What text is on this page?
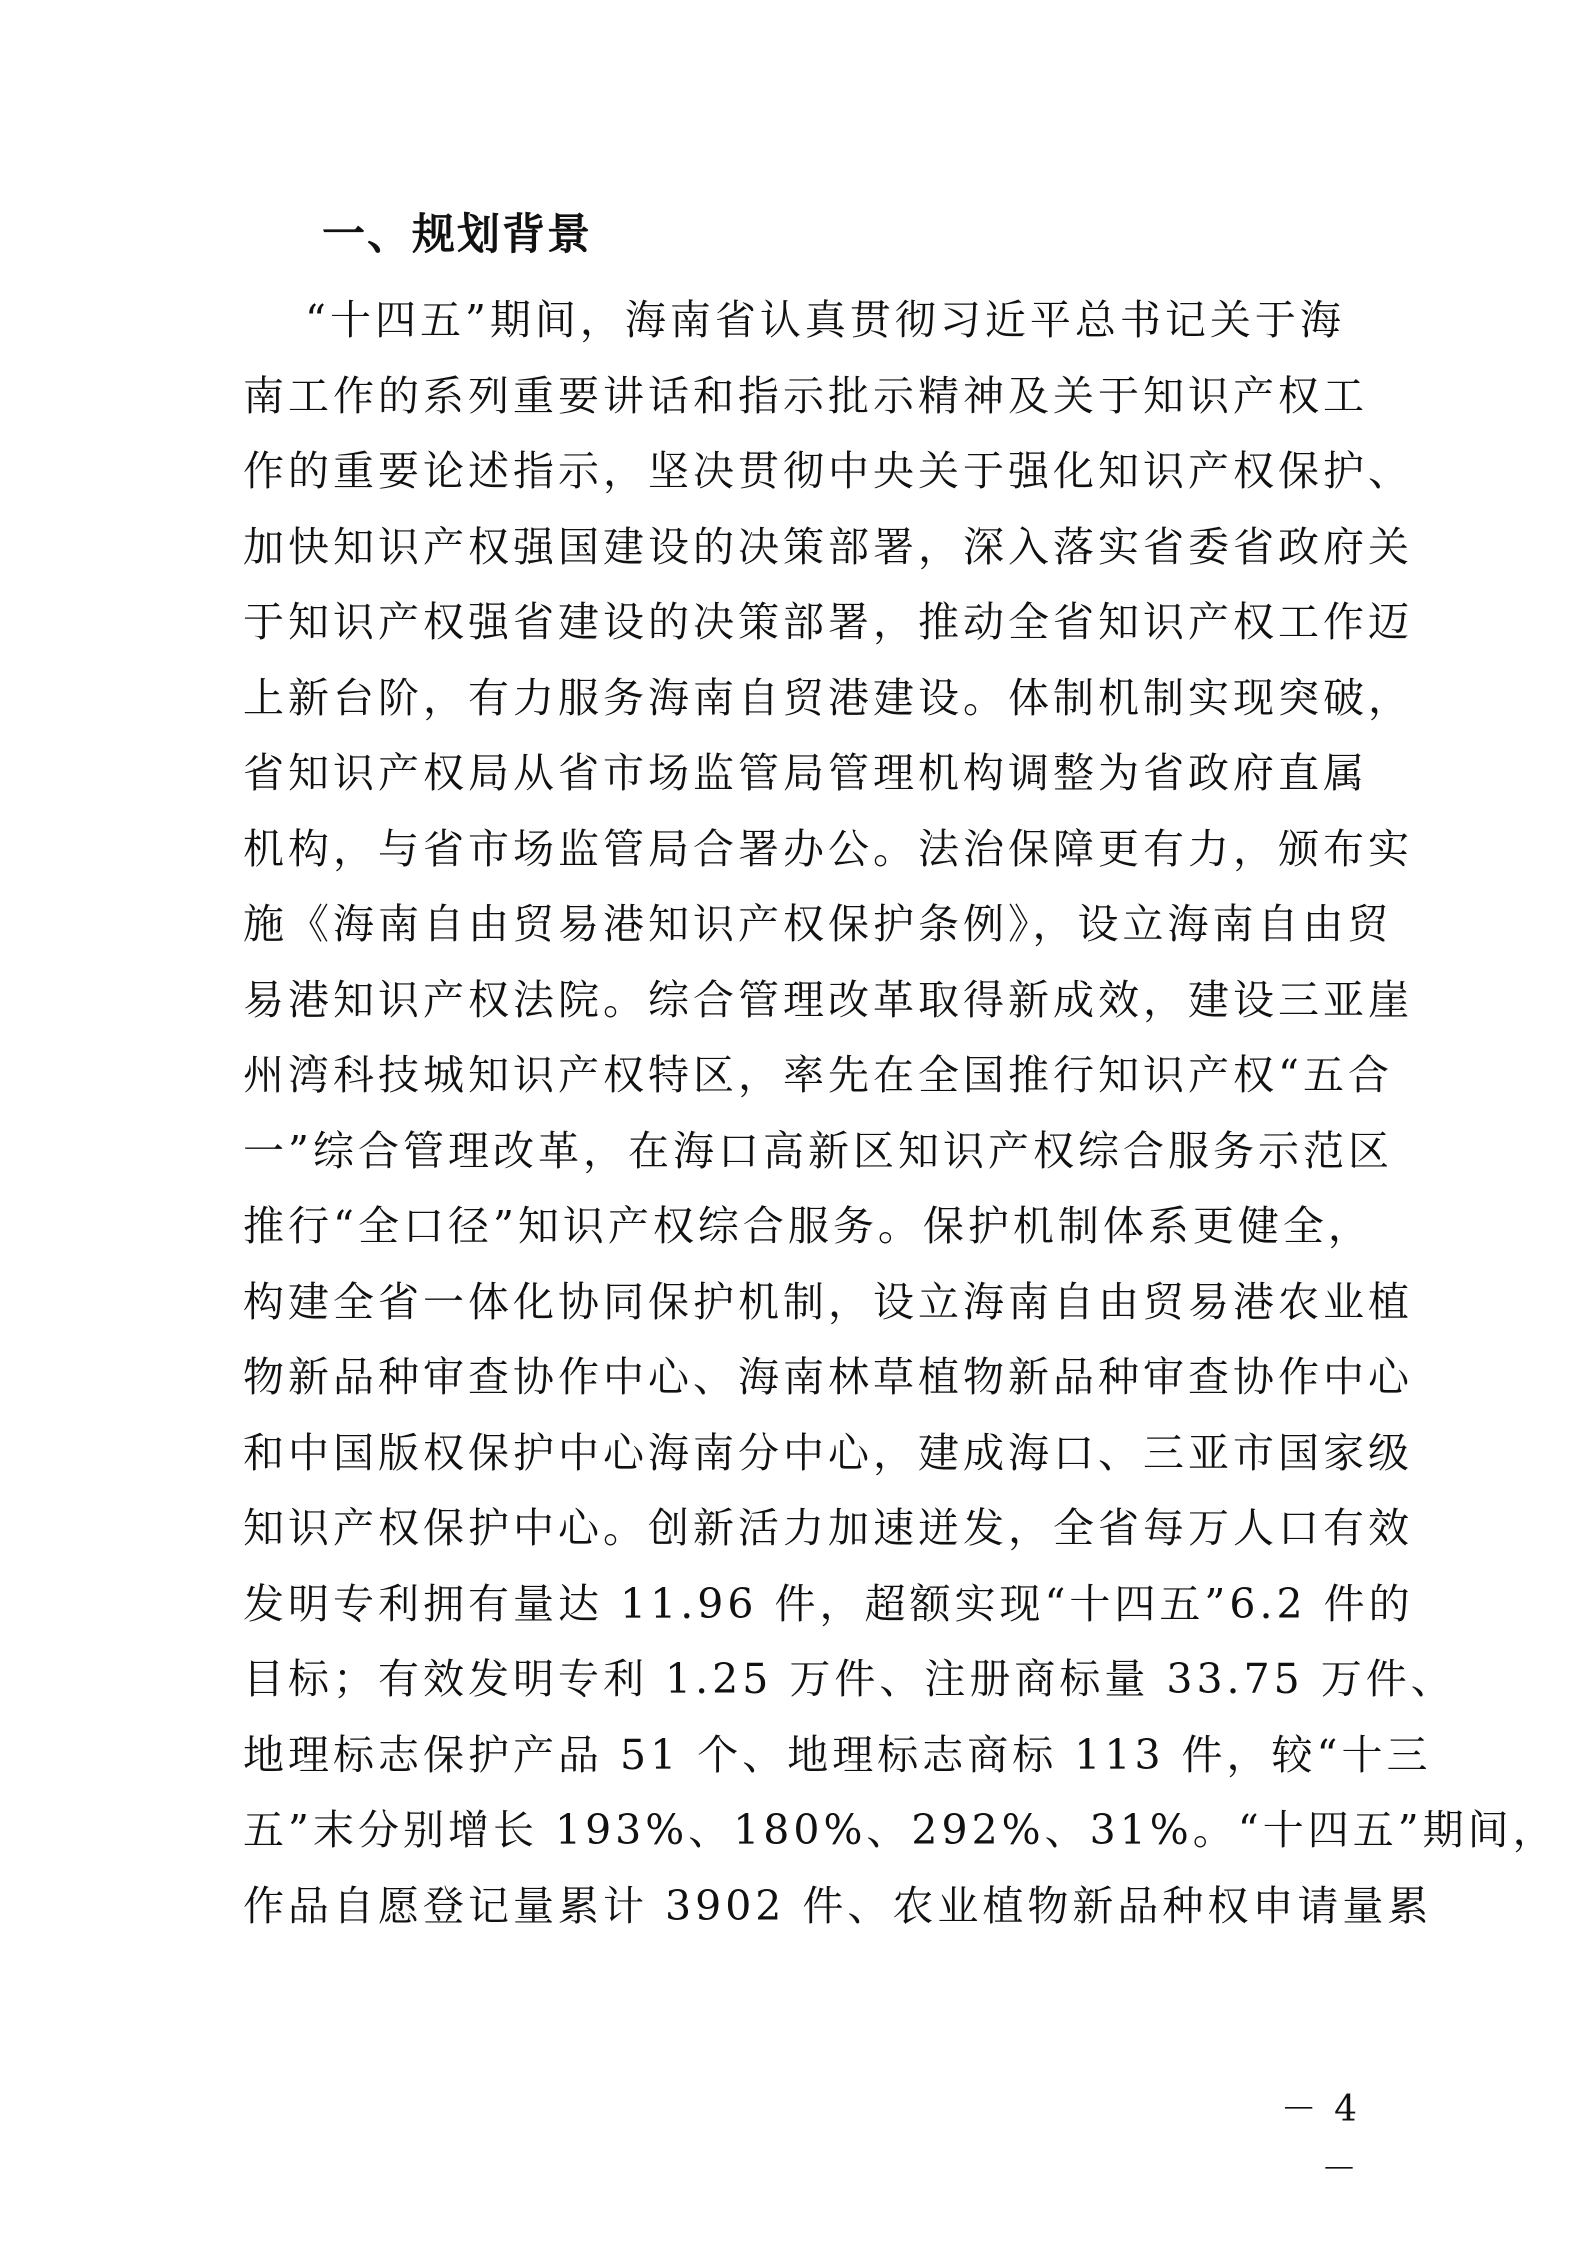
一、规划背景
“十四五”期间，海南省认真贯彻习近平总书记关于海
南工作的系列重要讲话和指示批示精神及关于知识产权工
作的重要论述指示，坚决贯彻中央关于强化知识产权保护、
加快知识产权强国建设的决策部署，深入落实省委省政府关
于知识产权强省建设的决策部署，推动全省知识产权工作迈
上新台阶，有力服务海南自贸港建设。体制机制实现突破，
省知识产权局从省市场监管局管理机构调整为省政府直属
机构，与省市场监管局合署办公。法治保障更有力，颁布实
施《海南自由贸易港知识产权保护条例》，设立海南自由贸
易港知识产权法院。综合管理改革取得新成效，建设三亚崖
州湾科技城知识产权特区，率先在全国推行知识产权“五合
一”综合管理改革，在海口高新区知识产权综合服务示范区
推行“全口径”知识产权综合服务。保护机制体系更健全，
构建全省一体化协同保护机制，设立海南自由贸易港农业植
物新品种审查协作中心、海南林草植物新品种审查协作中心
和中国版权保护中心海南分中心，建成海口、三亚市国家级
知识产权保护中心。创新活力加速迸发，全省每万人口有效
发明专利拥有量达 11.96 件，超额实现“十四五”6.2 件的
目标；有效发明专利 1.25 万件、注册商标量 33.75 万件、
地理标志保护产品 51 个、地理标志商标 113 件，较“十三
五”末分别增长 193%、180%、292%、31%。“十四五”期间，
作品自愿登记量累计 3902 件、农业植物新品种权申请量累
－ 4 －
